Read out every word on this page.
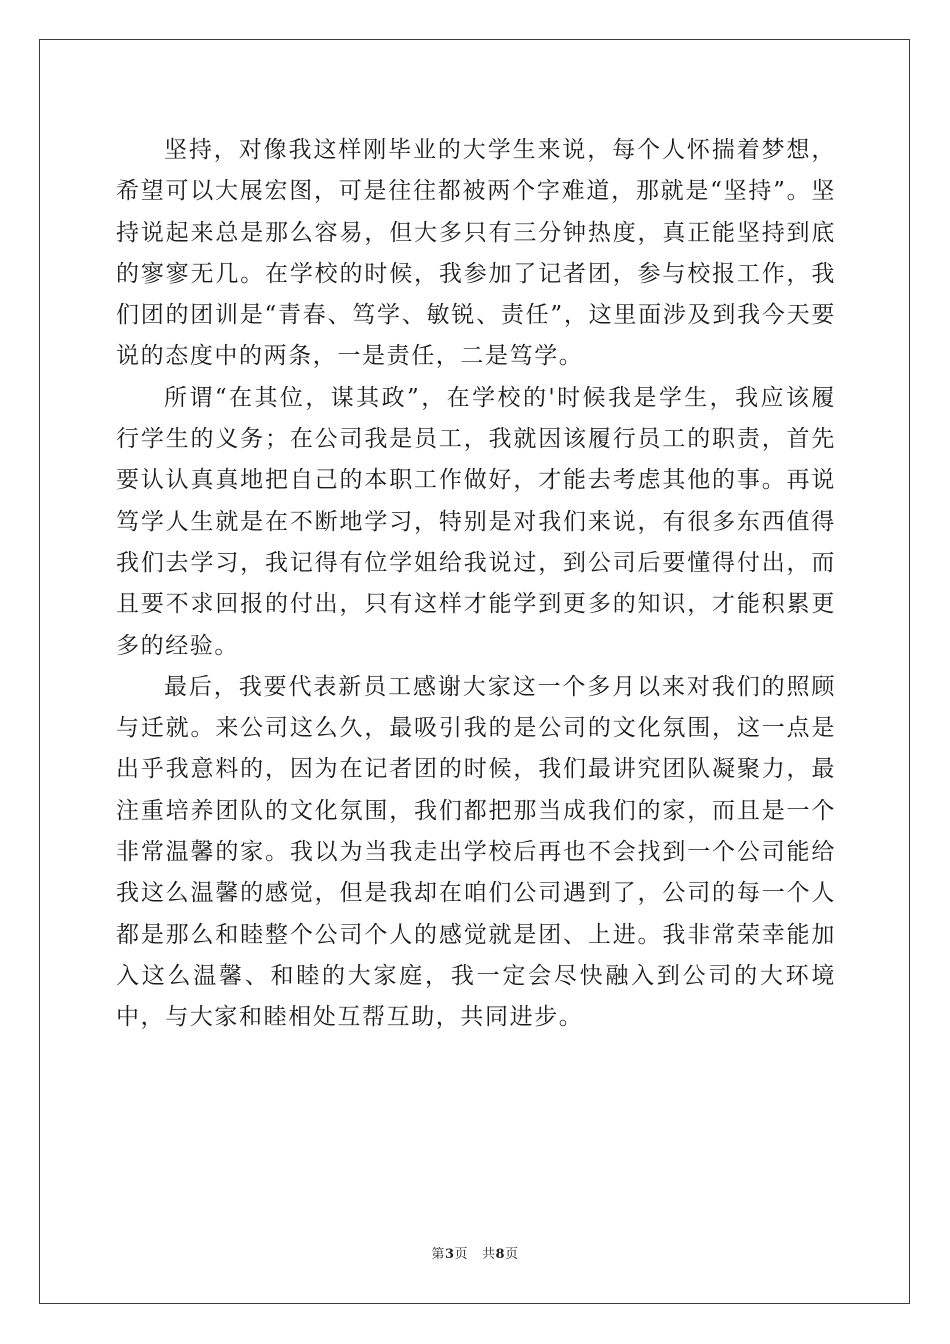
坚持，对像我这样刚毕业的大学生来说，每个人怀揣着梦想，希望可以大展宏图，可是往往都被两个字难道，那就是“坚持”。坚持说起来总是那么容易，但大多只有三分钟热度，真正能坚持到底的寥寥无几。在学校的时候，我参加了记者团，参与校报工作，我们团的团训是“青春、笃学、敏锐、责任”，这里面涉及到我今天要说的态度中的两条，一是责任，二是笃学。

所谓“在其位，谋其政”，在学校的'时候我是学生，我应该履行学生的义务；在公司我是员工，我就因该履行员工的职责，首先要认认真真地把自己的本职工作做好，才能去考虑其他的事。再说笃学人生就是在不断地学习，特别是对我们来说，有很多东西值得我们去学习，我记得有位学姐给我说过，到公司后要懂得付出，而且要不求回报的付出，只有这样才能学到更多的知识，才能积累更多的经验。

最后，我要代表新员工感谢大家这一个多月以来对我们的照顾与迁就。来公司这么久，最吸引我的是公司的文化氛围，这一点是出乎我意料的，因为在记者团的时候，我们最讲究团队凝聚力，最注重培养团队的文化氛围，我们都把那当成我们的家，而且是一个非常温馨的家。我以为当我走出学校后再也不会找到一个公司能给我这么温馨的感觉，但是我却在咱们公司遇到了，公司的每一个人都是那么和睦整个公司个人的感觉就是团、上进。我非常荣幸能加入这么温馨、和睦的大家庭，我一定会尽快融入到公司的大环境中，与大家和睦相处互帮互助，共同进步。

第3页 共8页
